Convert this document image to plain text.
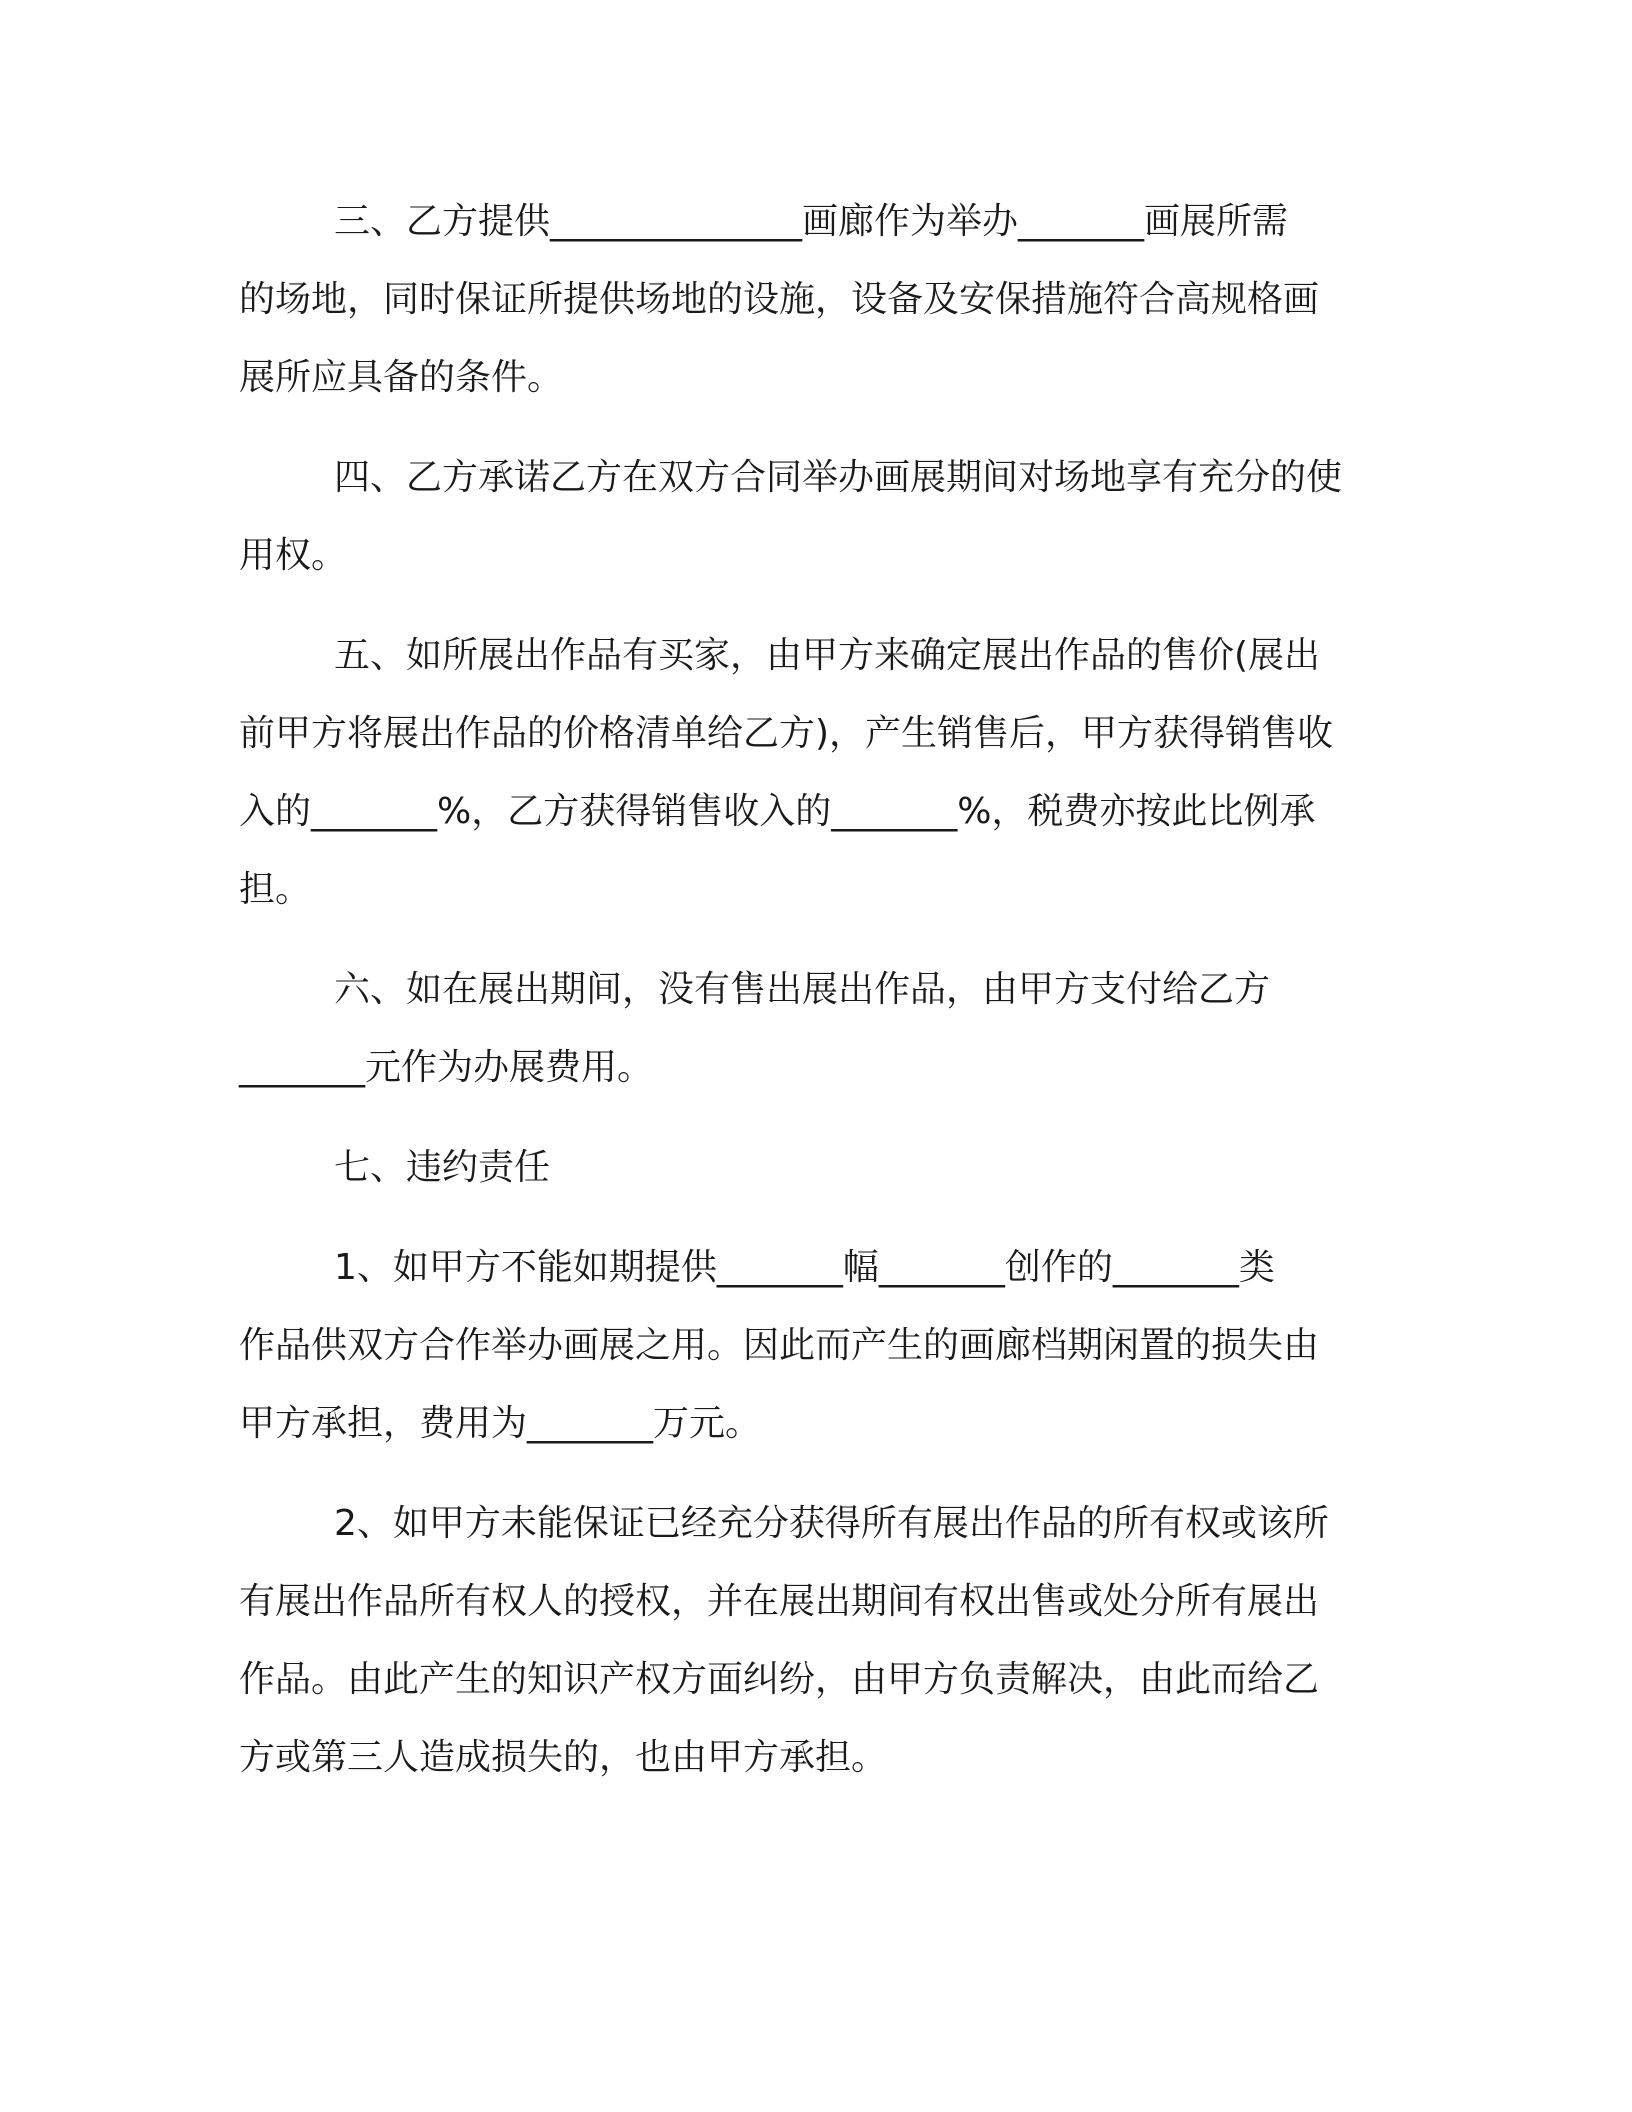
三、乙方提供______________画廊作为举办_______画展所需
的场地，同时保证所提供场地的设施，设备及安保措施符合高规格画
展所应具备的条件。
四、乙方承诺乙方在双方合同举办画展期间对场地享有充分的使
用权。
五、如所展出作品有买家，由甲方来确定展出作品的售价(展出
前甲方将展出作品的价格清单给乙方)，产生销售后，甲方获得销售收
入的_______%，乙方获得销售收入的_______%，税费亦按此比例承
担。
六、如在展出期间，没有售出展出作品，由甲方支付给乙方
_______元作为办展费用。
七、违约责任
1、如甲方不能如期提供_______幅_______创作的_______类
作品供双方合作举办画展之用。因此而产生的画廊档期闲置的损失由
甲方承担，费用为_______万元。
2、如甲方未能保证已经充分获得所有展出作品的所有权或该所
有展出作品所有权人的授权，并在展出期间有权出售或处分所有展出
作品。由此产生的知识产权方面纠纷，由甲方负责解决，由此而给乙
方或第三人造成损失的，也由甲方承担。
